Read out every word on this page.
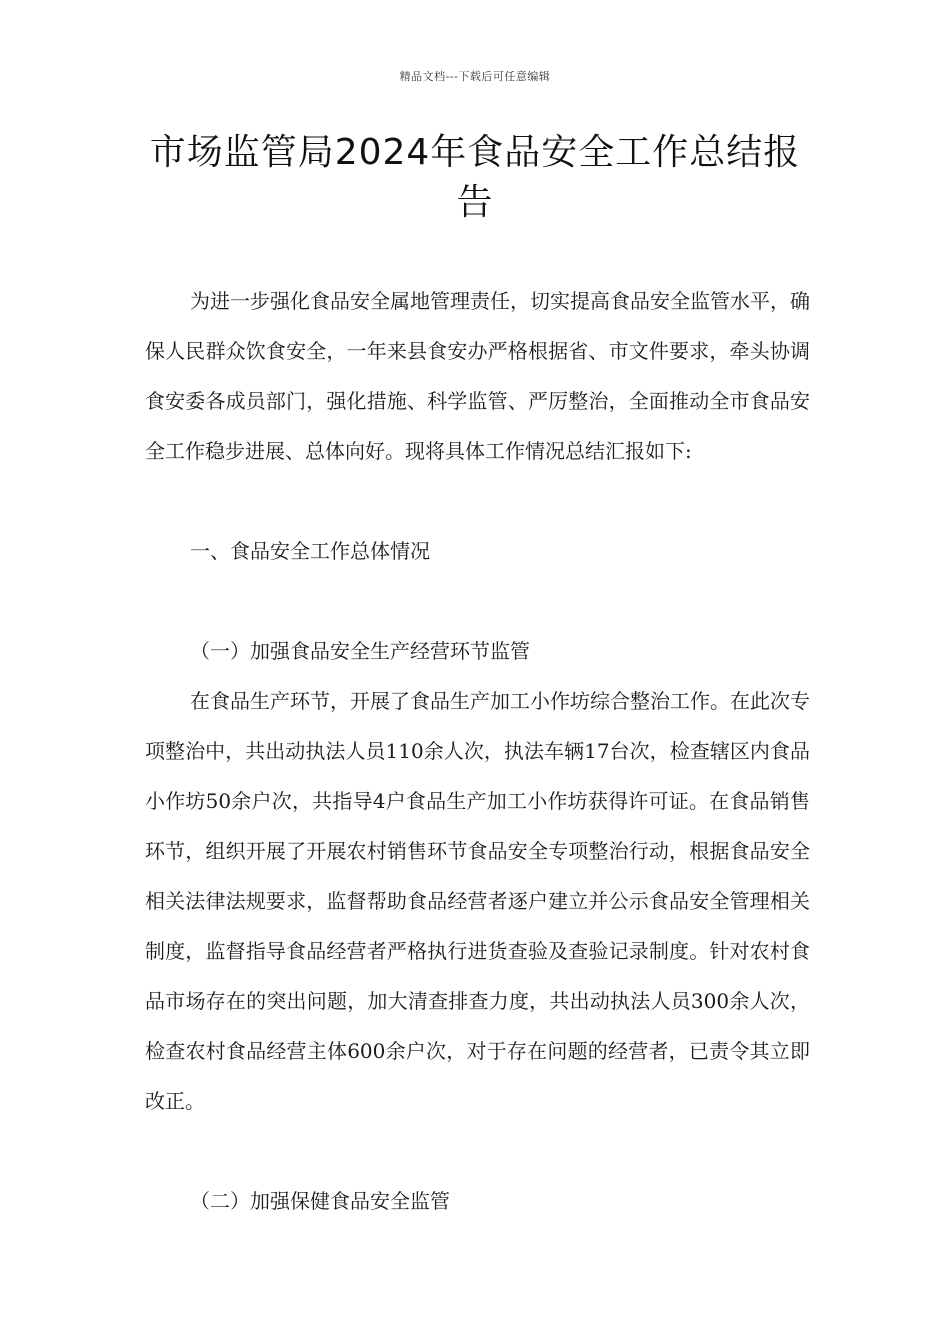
精品文档---下载后可任意编辑
市场监管局2024年食品安全工作总结报告
为进一步强化食品安全属地管理责任，切实提高食品安全监管水平，确保人民群众饮食安全，一年来县食安办严格根据省、市文件要求，牵头协调食安委各成员部门，强化措施、科学监管、严厉整治，全面推动全市食品安全工作稳步进展、总体向好。现将具体工作情况总结汇报如下:
一、食品安全工作总体情况
（一）加强食品安全生产经营环节监管
在食品生产环节，开展了食品生产加工小作坊综合整治工作。在此次专项整治中，共出动执法人员110余人次，执法车辆17台次，检查辖区内食品小作坊50余户次，共指导4户食品生产加工小作坊获得许可证。在食品销售环节，组织开展了开展农村销售环节食品安全专项整治行动，根据食品安全相关法律法规要求，监督帮助食品经营者逐户建立并公示食品安全管理相关制度，监督指导食品经营者严格执行进货查验及查验记录制度。针对农村食品市场存在的突出问题，加大清查排查力度，共出动执法人员300余人次，检查农村食品经营主体600余户次，对于存在问题的经营者，已责令其立即改正。
（二）加强保健食品安全监管
